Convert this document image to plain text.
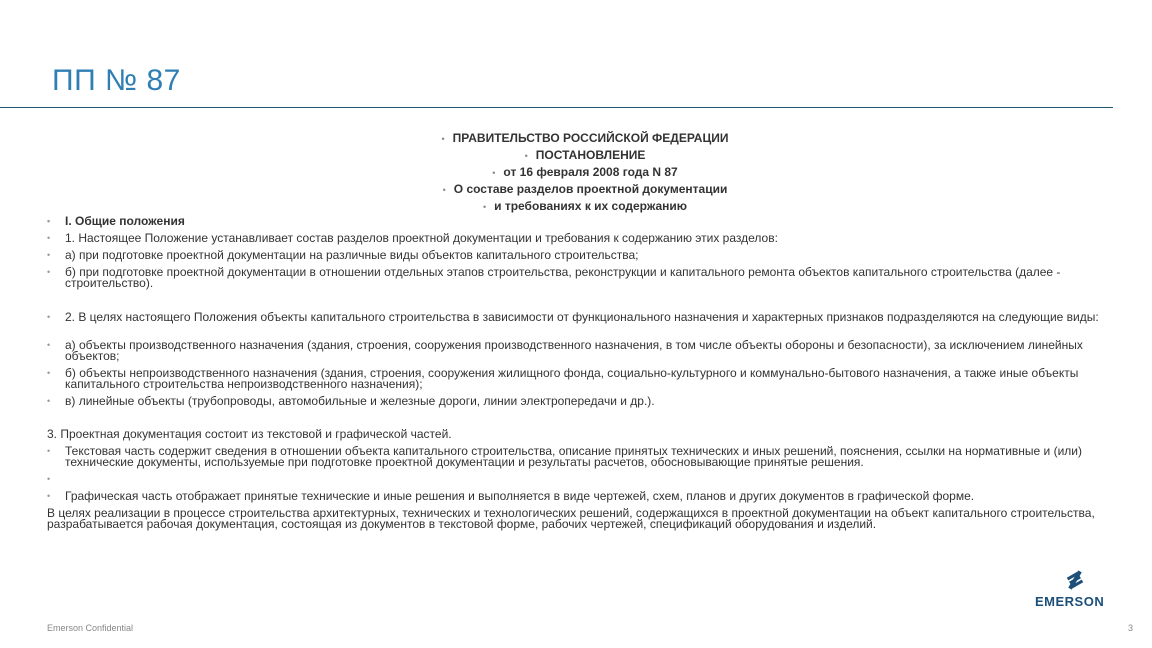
ПП № 87
• ПРАВИТЕЛЬСТВО РОССИЙСКОЙ ФЕДЕРАЦИИ
• ПОСТАНОВЛЕНИЕ
• от 16 февраля 2008 года N 87
• О составе разделов проектной документации
• и требованиях к их содержанию
•	I. Общие положения
•	1. Настоящее Положение устанавливает состав разделов проектной документации и требования к содержанию этих разделов:
•	а) при подготовке проектной документации на различные виды объектов капитального строительства;
•	б) при подготовке проектной документации в отношении отдельных этапов строительства, реконструкции и капитального ремонта объектов капитального строительства (далее - строительство).
•	2. В целях настоящего Положения объекты капитального строительства в зависимости от функционального назначения и характерных признаков подразделяются на следующие виды:
•	а) объекты производственного назначения (здания, строения, сооружения производственного назначения, в том числе объекты обороны и безопасности), за исключением линейных объектов;
•	б) объекты непроизводственного назначения (здания, строения, сооружения жилищного фонда, социально-культурного и коммунально-бытового назначения, а также иные объекты капитального строительства непроизводственного назначения);
•	в) линейные объекты (трубопроводы, автомобильные и железные дороги, линии электропередачи и др.).
3. Проектная документация состоит из текстовой и графической частей.
•	Текстовая часть содержит сведения в отношении объекта капитального строительства, описание принятых технических и иных решений, пояснения, ссылки на нормативные и (или) технические документы, используемые при подготовке проектной документации и результаты расчетов, обосновывающие принятые решения.
•
•	Графическая часть отображает принятые технические и иные решения и выполняется в виде чертежей, схем, планов и других документов в графической форме.
В целях реализации в процессе строительства архитектурных, технических и технологических решений, содержащихся в проектной документации на объект капитального строительства, разрабатывается рабочая документация, состоящая из документов в текстовой форме, рабочих чертежей, спецификаций оборудования и изделий.
EMERSON
Emerson Confidential	3
